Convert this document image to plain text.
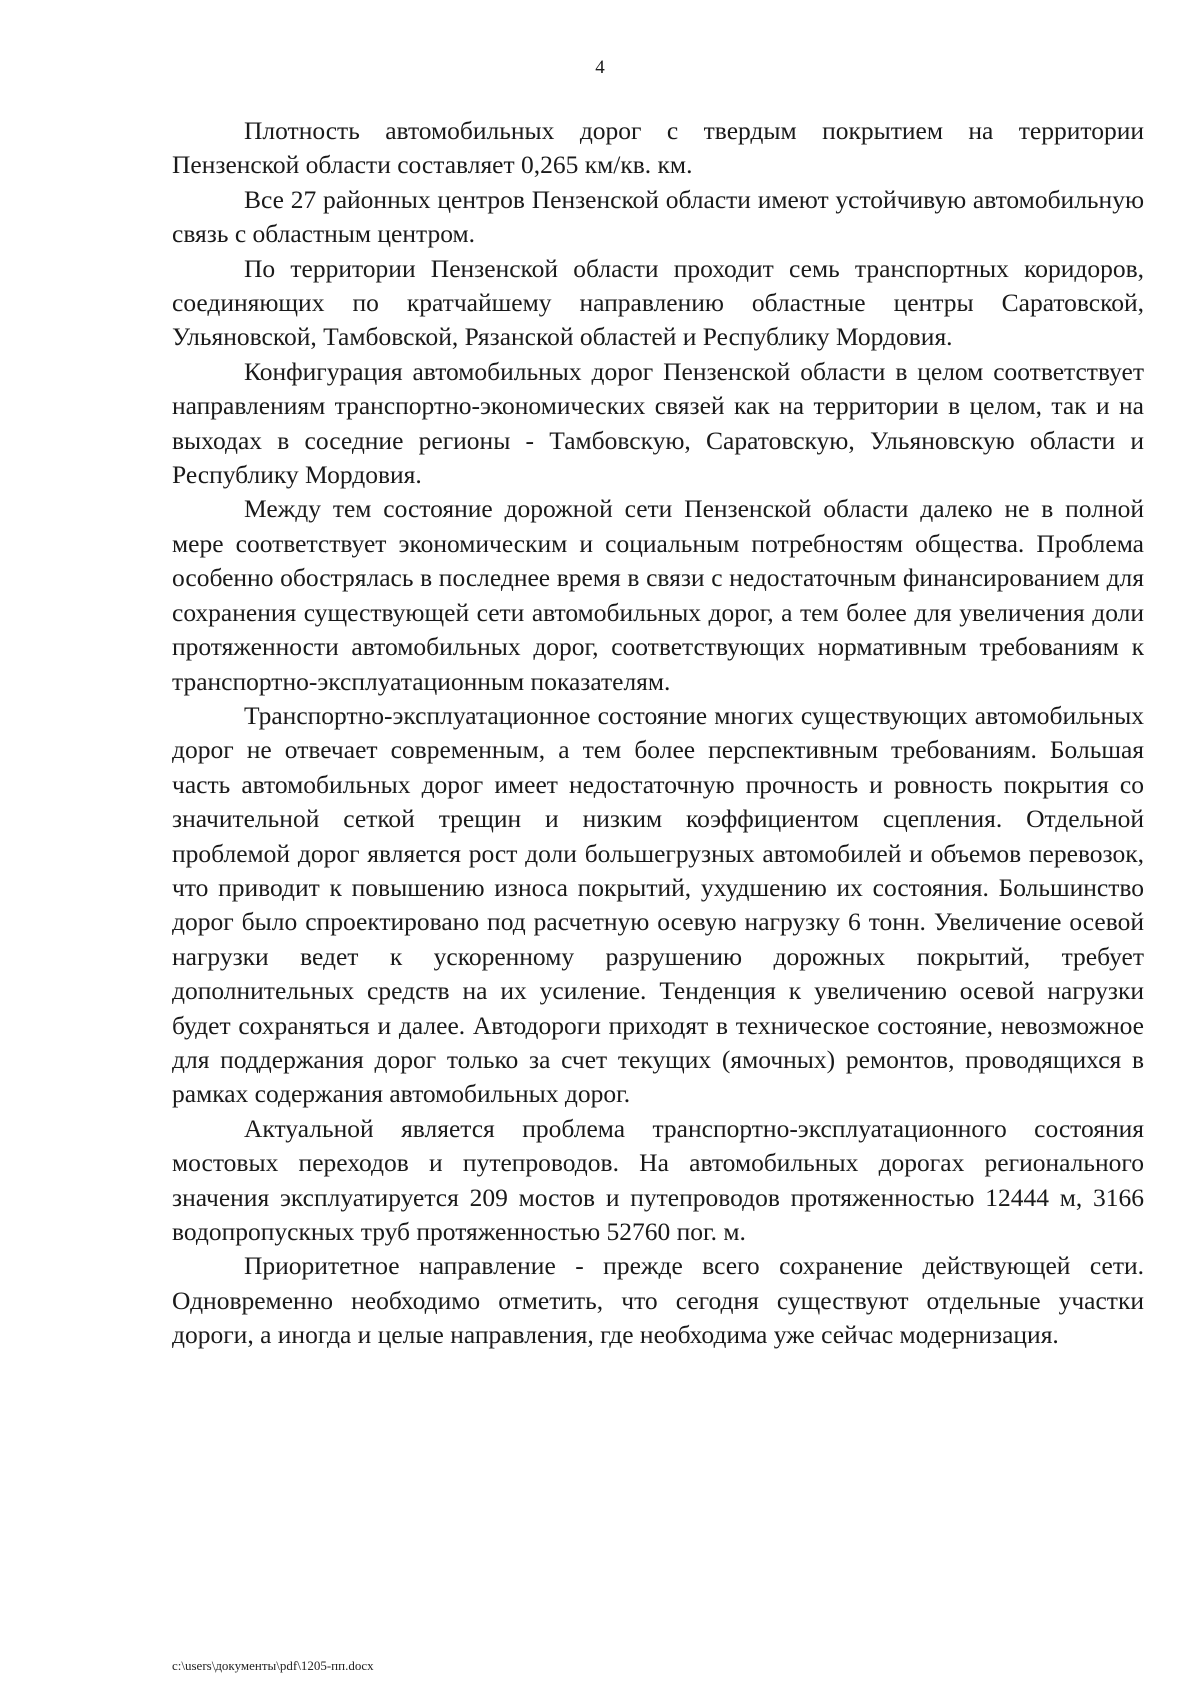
4

Плотность автомобильных дорог с твердым покрытием на территории Пензенской области составляет 0,265 км/кв. км.

Все 27 районных центров Пензенской области имеют устойчивую автомобильную связь с областным центром.

По территории Пензенской области проходит семь транспортных коридоров, соединяющих по кратчайшему направлению областные центры Саратовской, Ульяновской, Тамбовской, Рязанской областей и Республику Мордовия.

Конфигурация автомобильных дорог Пензенской области в целом соответствует направлениям транспортно-экономических связей как на территории в целом, так и на выходах в соседние регионы - Тамбовскую, Саратовскую, Ульяновскую области и Республику Мордовия.

Между тем состояние дорожной сети Пензенской области далеко не в полной мере соответствует экономическим и социальным потребностям общества. Проблема особенно обострялась в последнее время в связи с недостаточным финансированием для сохранения существующей сети автомобильных дорог, а тем более для увеличения доли протяженности автомобильных дорог, соответствующих нормативным требованиям к транспортно-эксплуатационным показателям.

Транспортно-эксплуатационное состояние многих существующих автомобильных дорог не отвечает современным, а тем более перспективным требованиям. Большая часть автомобильных дорог имеет недостаточную прочность и ровность покрытия со значительной сеткой трещин и низким коэффициентом сцепления. Отдельной проблемой дорог является рост доли большегрузных автомобилей и объемов перевозок, что приводит к повышению износа покрытий, ухудшению их состояния. Большинство дорог было спроектировано под расчетную осевую нагрузку 6 тонн. Увеличение осевой нагрузки ведет к ускоренному разрушению дорожных покрытий, требует дополнительных средств на их усиление. Тенденция к увеличению осевой нагрузки будет сохраняться и далее. Автодороги приходят в техническое состояние, невозможное для поддержания дорог только за счет текущих (ямочных) ремонтов, проводящихся в рамках содержания автомобильных дорог.

Актуальной является проблема транспортно-эксплуатационного состояния мостовых переходов и путепроводов. На автомобильных дорогах регионального значения эксплуатируется 209 мостов и путепроводов протяженностью 12444 м, 3166 водопропускных труб протяженностью 52760 пог. м.

Приоритетное направление - прежде всего сохранение действующей сети. Одновременно необходимо отметить, что сегодня существуют отдельные участки дороги, а иногда и целые направления, где необходима уже сейчас модернизация.

c:\users\документы\pdf\1205-пп.docx
